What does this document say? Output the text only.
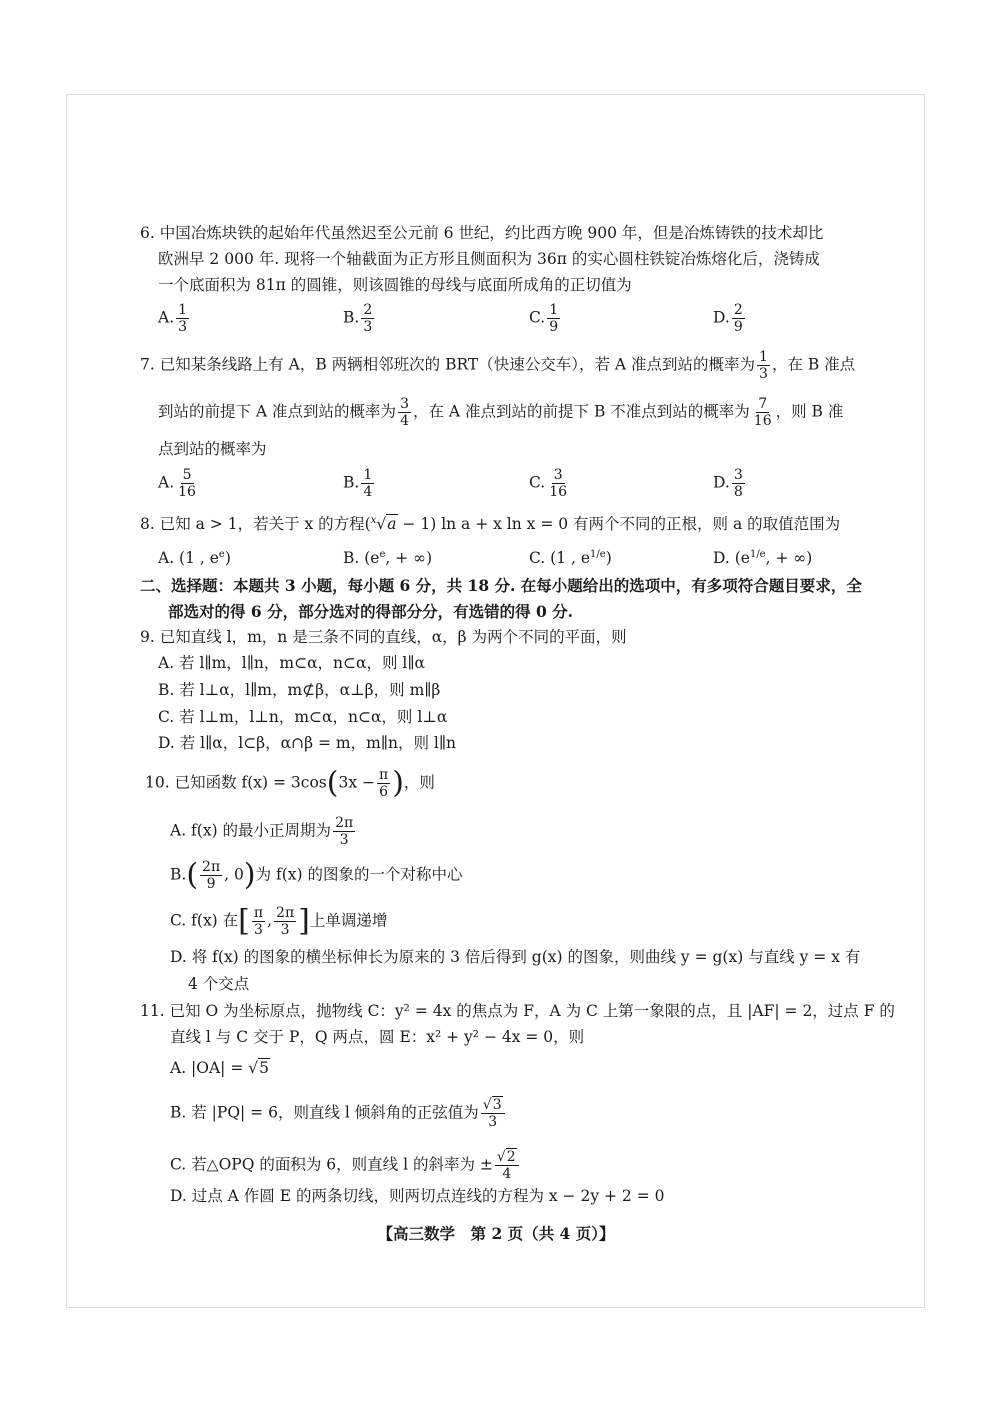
6. 中国冶炼块铁的起始年代虽然迟至公元前 6 世纪，约比西方晚 900 年，但是冶炼铸铁的技术却比
欧洲早 2 000 年. 现将一个轴截面为正方形且侧面积为 36π 的实心圆柱铁锭冶炼熔化后，浇铸成
一个底面积为 81π 的圆锥，则该圆锥的母线与底面所成角的正切值为
A. $\frac{1}{3}$	B. $\frac{2}{3}$	C. $\frac{1}{9}$	D. $\frac{2}{9}$
7. 已知某条线路上有 A，B 两辆相邻班次的 BRT（快速公交车），若 A 准点到站的概率为 $\frac{1}{3}$ ，在 B 准点
到站的前提下 A 准点到站的概率为 $\frac{3}{4}$ ，在 A 准点到站的前提下 B 不准点到站的概率为 $\frac{7}{16}$ ，则 B 准
点到站的概率为
A. $\frac{5}{16}$	B. $\frac{1}{4}$	C. $\frac{3}{16}$	D. $\frac{3}{8}$
8. 已知 a > 1，若关于 x 的方程($^x$√a − 1) ln a + x ln x = 0 有两个不同的正根，则 a 的取值范围为
A. (1 , $e^e$)	B. ($e^e$, + ∞)	C. (1 , $e^{1/e}$)	D. ($e^{1/e}$, + ∞)
二、选择题：本题共 3 小题，每小题 6 分，共 18 分. 在每小题给出的选项中，有多项符合题目要求，全
部选对的得 6 分，部分选对的得部分分，有选错的得 0 分.
9. 已知直线 l，m，n 是三条不同的直线，α，β 为两个不同的平面，则
A. 若 l∥m，l∥n，m⊂α，n⊂α，则 l∥α
B. 若 l⊥α，l∥m，m⊄β，α⊥β，则 m∥β
C. 若 l⊥m，l⊥n，m⊂α，n⊂α，则 l⊥α
D. 若 l∥α，l⊂β，α∩β = m，m∥n，则 l∥n
10. 已知函数 $f(x) = 3\cos(3x - \frac{\pi}{6}$ )，则
A. f(x) 的最小正周期为 $\frac{2\pi}{3}$
$B.( \frac{2\pi}{9}$ , 0)为 f(x) 的图象的一个对称中心
C. f(x) 在[ $\frac{\pi}{3}$ , $\frac{2\pi}{3}$ ]上单调递增
D. 将 f(x) 的图象的横坐标伸长为原来的 3 倍后得到 g(x) 的图象，则曲线 y = g(x) 与直线 y = x 有
4 个交点
11. 已知 O 为坐标原点，抛物线 C：y² = 4x 的焦点为 F，A 为 C 上第一象限的点，且 |AF| = 2，过点 F 的
直线 l 与 C 交于 P，Q 两点，圆 E：x² + y² − 4x = 0，则
A. |OA| = √5
B. 若 |PQ| = 6，则直线 l 倾斜角的正弦值为 $\frac{√3}{3}$
C. 若△OPQ 的面积为 6，则直线 l 的斜率为 ± $\frac{√2}{4}$
D. 过点 A 作圆 E 的两条切线，则两切点连线的方程为 x − 2y + 2 = 0
【高三数学　第 2 页（共 4 页）】
